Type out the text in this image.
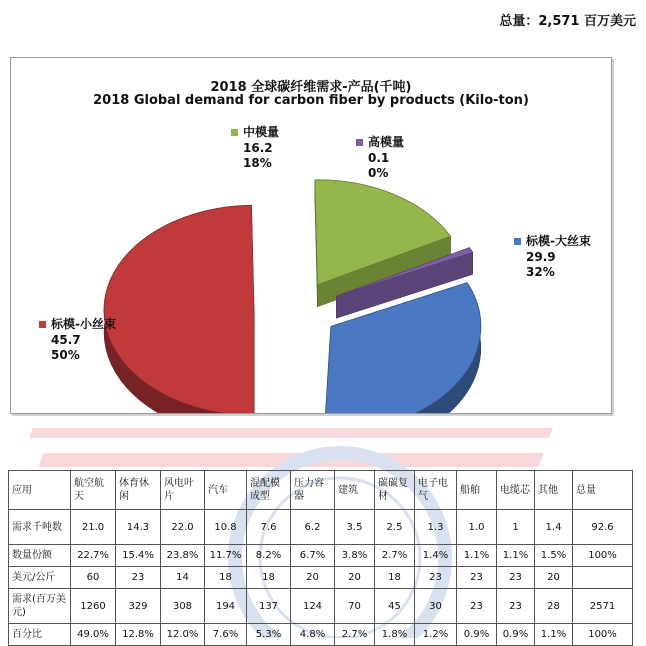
总量：2,571 百万美元
2018 全球碳纤维需求-产品(千吨)
2018 Global demand for carbon fiber by products (Kilo-ton)
标模-小丝束
45.7
50%
中模量
16.2
18%
高模量
0.1
0%
标模-大丝束
29.9
32%
应用	航空航天	体育休闲	风电叶片	汽车	混配模成型	压力容器	建筑	碳碳复材	电子电气	船舶	电缆芯	其他	总量
需求千吨数	21.0	14.3	22.0	10.8	7.6	6.2	3.5	2.5	1.3	1.0	1	1.4	92.6
数量份额	22.7%	15.4%	23.8%	11.7%	8.2%	6.7%	3.8%	2.7%	1.4%	1.1%	1.1%	1.5%	100%
美元/公斤	60	23	14	18	18	20	20	18	23	23	23	20	
需求(百万美元)	1260	329	308	194	137	124	70	45	30	23	23	28	2571
百分比	49.0%	12.8%	12.0%	7.6%	5.3%	4.8%	2.7%	1.8%	1.2%	0.9%	0.9%	1.1%	100%
